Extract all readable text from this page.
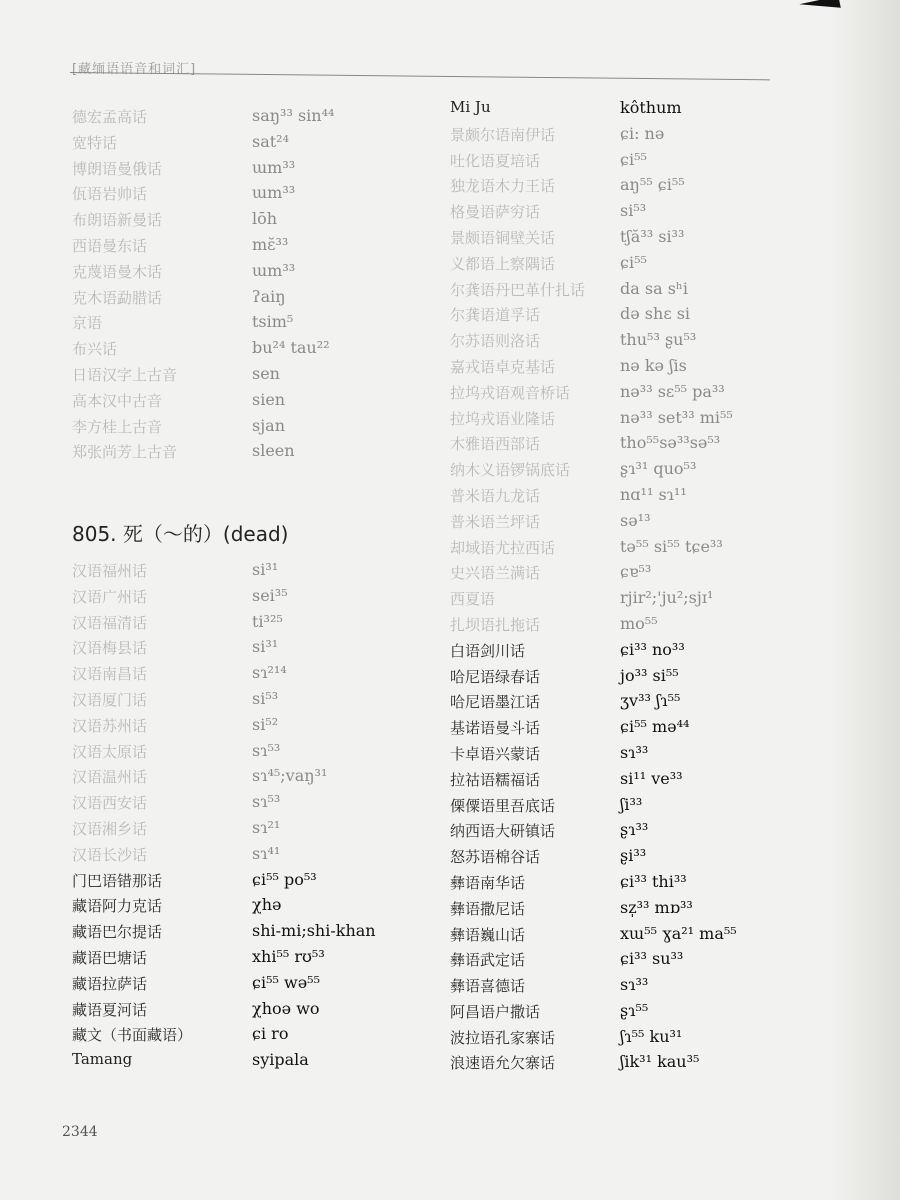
[藏缅语语音和词汇]
德宏孟高话	saŋ³³ sin⁴⁴
宽特话	sat²⁴
博朗语曼俄话	ɯm³³
佤语岩帅话	ɯm³³
布朗语新曼话	lōh
西语曼东话	mɛ̆³³
克蔑语曼木话	ɯm³³
克木语勐腊话	ʔaiŋ
京语	tsim⁵
布兴话	bu²⁴ tau²²
日语汉字上古音	sen
高本汉中古音	sien
李方桂上古音	sjan
郑张尚芳上古音	sleen
805. 死（～的）(dead)
汉语福州话	si³¹
汉语广州话	sei³⁵
汉语福清话	ti³²⁵
汉语梅县话	si³¹
汉语南昌话	sɿ²¹⁴
汉语厦门话	si⁵³
汉语苏州话	si⁵²
汉语太原话	sɿ⁵³
汉语温州话	sɿ⁴⁵;vaŋ³¹
汉语西安话	sɿ⁵³
汉语湘乡话	sɿ²¹
汉语长沙话	sɿ⁴¹
门巴语错那话	ɕi⁵⁵ po⁵³
藏语阿力克话	χhə
藏语巴尔提话	shi-mi;shi-khan
藏语巴塘话	xhi⁵⁵ rʊ⁵³
藏语拉萨话	ɕi⁵⁵ wə⁵⁵
藏语夏河话	χhoə wo
藏文（书面藏语）	ɕi ro
Tamang	syipala
Mi Ju	kôthum
景颇尔语南伊话	ɕi: nə
吐化语夏培话	ɕi⁵⁵
独龙语木力王话	aŋ⁵⁵ ɕi⁵⁵
格曼语萨穷话	si⁵³
景颇语铜壁关话	tʃă³³ si³³
义都语上察隅话	ɕi⁵⁵
尔龚语丹巴革什扎话 da sa sʰi
尔龚语道孚话	də shɛ si
尔苏语则洛话	thu⁵³ ʂu⁵³
嘉戎语卓克基话	nə kə ʃis
拉坞戎语观音桥话	nə³³ sɛ⁵⁵ pa³³
拉坞戎语业隆话	nə³³ set³³ mi⁵⁵
木雅语西部话	tho⁵⁵sə³³sə⁵³
纳木义语锣锅底话	ʂɿ³¹ quo⁵³
普米语九龙话	nɑ¹¹ sɿ¹¹
普米语兰坪话	sə¹³
却域语尤拉西话	tə⁵⁵ si⁵⁵ tɕe³³
史兴语兰满话	ɕɐ⁵³
西夏语	rjir²;'ju²;sjɪ¹
扎坝语扎拖话	mo⁵⁵
白语剑川话	ɕi³³ no³³
哈尼语绿春话	jo³³ si⁵⁵
哈尼语墨江话	ʒv³³ ʃɿ⁵⁵
基诺语曼斗话	ɕi⁵⁵ mə⁴⁴
卡卓语兴蒙话	sɿ³³
拉祜语糯福话	si¹¹ ve³³
傈僳语里吾底话	ʃi³³
纳西语大研镇话	ʂɿ³³
怒苏语棉谷话	ʂi³³
彝语南华话	ɕi³³ thi³³
彝语撒尼话	sz̩³³ mɒ³³
彝语巍山话	xɯ⁵⁵ ɣa²¹ ma⁵⁵
彝语武定话	ɕi³³ su³³
彝语喜德话	sɿ³³
阿昌语户撒话	ʂɿ⁵⁵
波拉语孔家寨话	ʃɿ⁵⁵ ku³¹
浪速语允欠寨话	ʃik³¹ kau³⁵
2344
